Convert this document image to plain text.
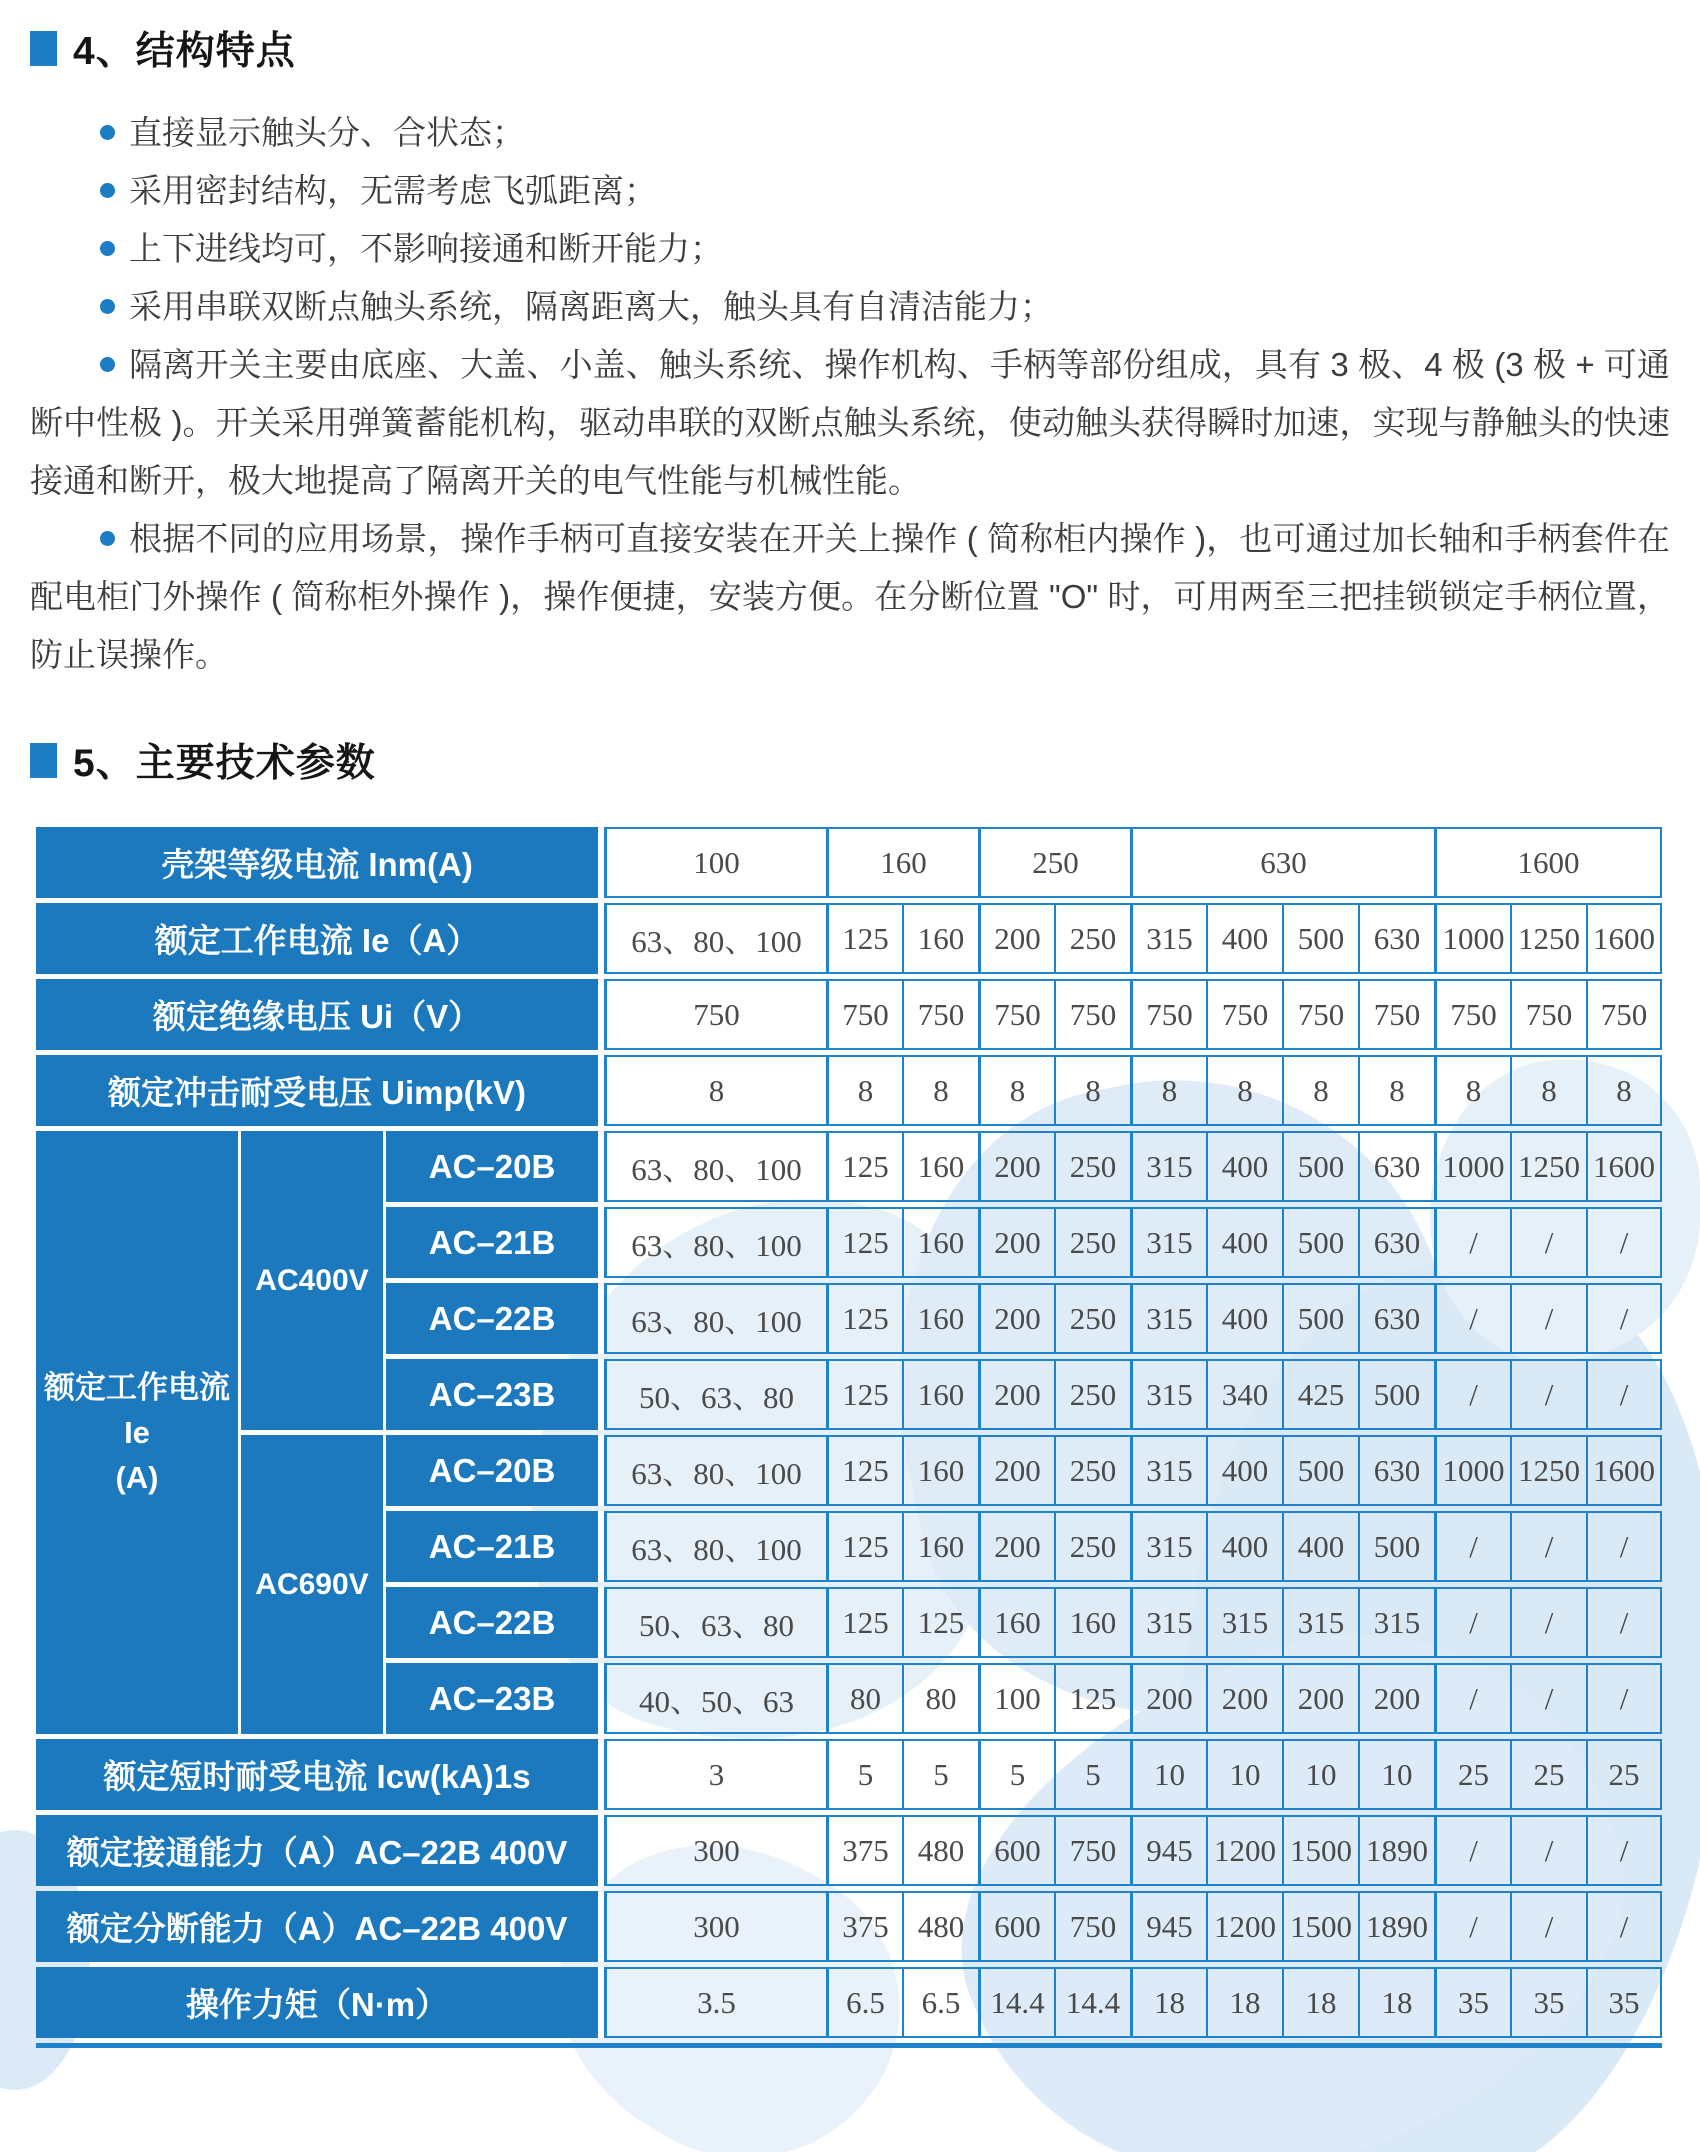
4、结构特点

直接显示触头分、合状态；

采用密封结构，无需考虑飞弧距离；

上下进线均可，不影响接通和断开能力；

采用串联双断点触头系统，隔离距离大，触头具有自清洁能力；

隔离开关主要由底座、大盖、小盖、触头系统、操作机构、手柄等部份组成，具有 3 极、4 极 (3 极 + 可通断中性极 )。开关采用弹簧蓄能机构，驱动串联的双断点触头系统，使动触头获得瞬时加速，实现与静触头的快速接通和断开，极大地提高了隔离开关的电气性能与机械性能。

根据不同的应用场景，操作手柄可直接安装在开关上操作 ( 简称柜内操作 )，也可通过加长轴和手柄套件在配电柜门外操作 ( 简称柜外操作 )，操作便捷，安装方便。在分断位置 "O" 时，可用两至三把挂锁锁定手柄位置，防止误操作。

5、主要技术参数
壳架等级电流 Inm(A)			100	160		250		630				1600		
额定工作电流 Ie（A）			63、80、100	125	160	200	250	315	400	500	630	1000	1250	1600
额定绝缘电压 Ui（V）			750	750	750	750	750	750	750	750	750	750	750	750
额定冲击耐受电压 Uimp(kV)			8	8	8	8	8	8	8	8	8	8	8	8

额定工作电流
Ie
(A)	AC400V	AC–20B	63、80、100	125	160	200	250	315	400	500	630	1000	1250	1600
		AC–21B	63、80、100	125	160	200	250	315	400	500	630	/	/	/
		AC–22B	63、80、100	125	160	200	250	315	400	500	630	/	/	/
		AC–23B	50、63、80	125	160	200	250	315	340	425	500	/	/	/
	AC690V	AC–20B	63、80、100	125	160	200	250	315	400	500	630	1000	1250	1600
		AC–21B	63、80、100	125	160	200	250	315	400	400	500	/	/	/
		AC–22B	50、63、80	125	125	160	160	315	315	315	315	/	/	/
		AC–23B	40、50、63	80	80	100	125	200	200	200	200	/	/	/
额定短时耐受电流 Icw(kA)1s			3	5	5	5	5	10	10	10	10	25	25	25
额定接通能力（A）AC–22B 400V			300	375	480	600	750	945	1200	1500	1890	/	/	/
额定分断能力（A）AC–22B 400V			300	375	480	600	750	945	1200	1500	1890	/	/	/
操作力矩（N·m）			3.5	6.5	6.5	14.4	14.4	18	18	18	18	35	35	35
